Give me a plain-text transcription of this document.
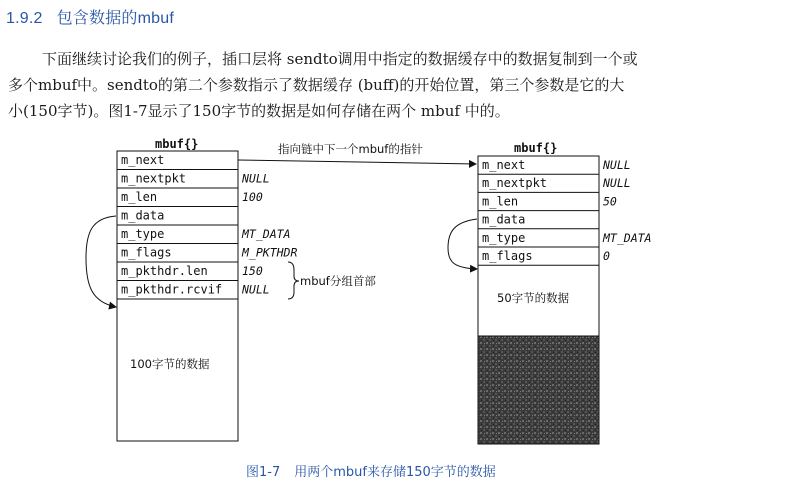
1.9.2 包含数据的mbuf

下面继续讨论我们的例子，插口层将 sendto调用中指定的数据缓存中的数据复制到一个或

多个mbuf中。sendto的第二个参数指示了数据缓存 (buff)的开始位置，第三个参数是它的大

小(150字节)。图1-7显示了150字节的数据是如何存储在两个 mbuf 中的。

mbuf{}
m_next
m_nextpkt	NULL
m_len	100
m_data
m_type	MT_DATA
m_flags	M_PKTHDR
m_pkthdr.len	150
m_pkthdr.rcvif NULL
100字节的数据
mbuf分组首部
指向链中下一个mbuf的指针	mbuf{}
m_next	NULL
m_nextpkt	NULL
m_len	50
m_data
m_type	MT_DATA
m_flags	0
50字节的数据
图1-7 用两个mbuf来存储150字节的数据
